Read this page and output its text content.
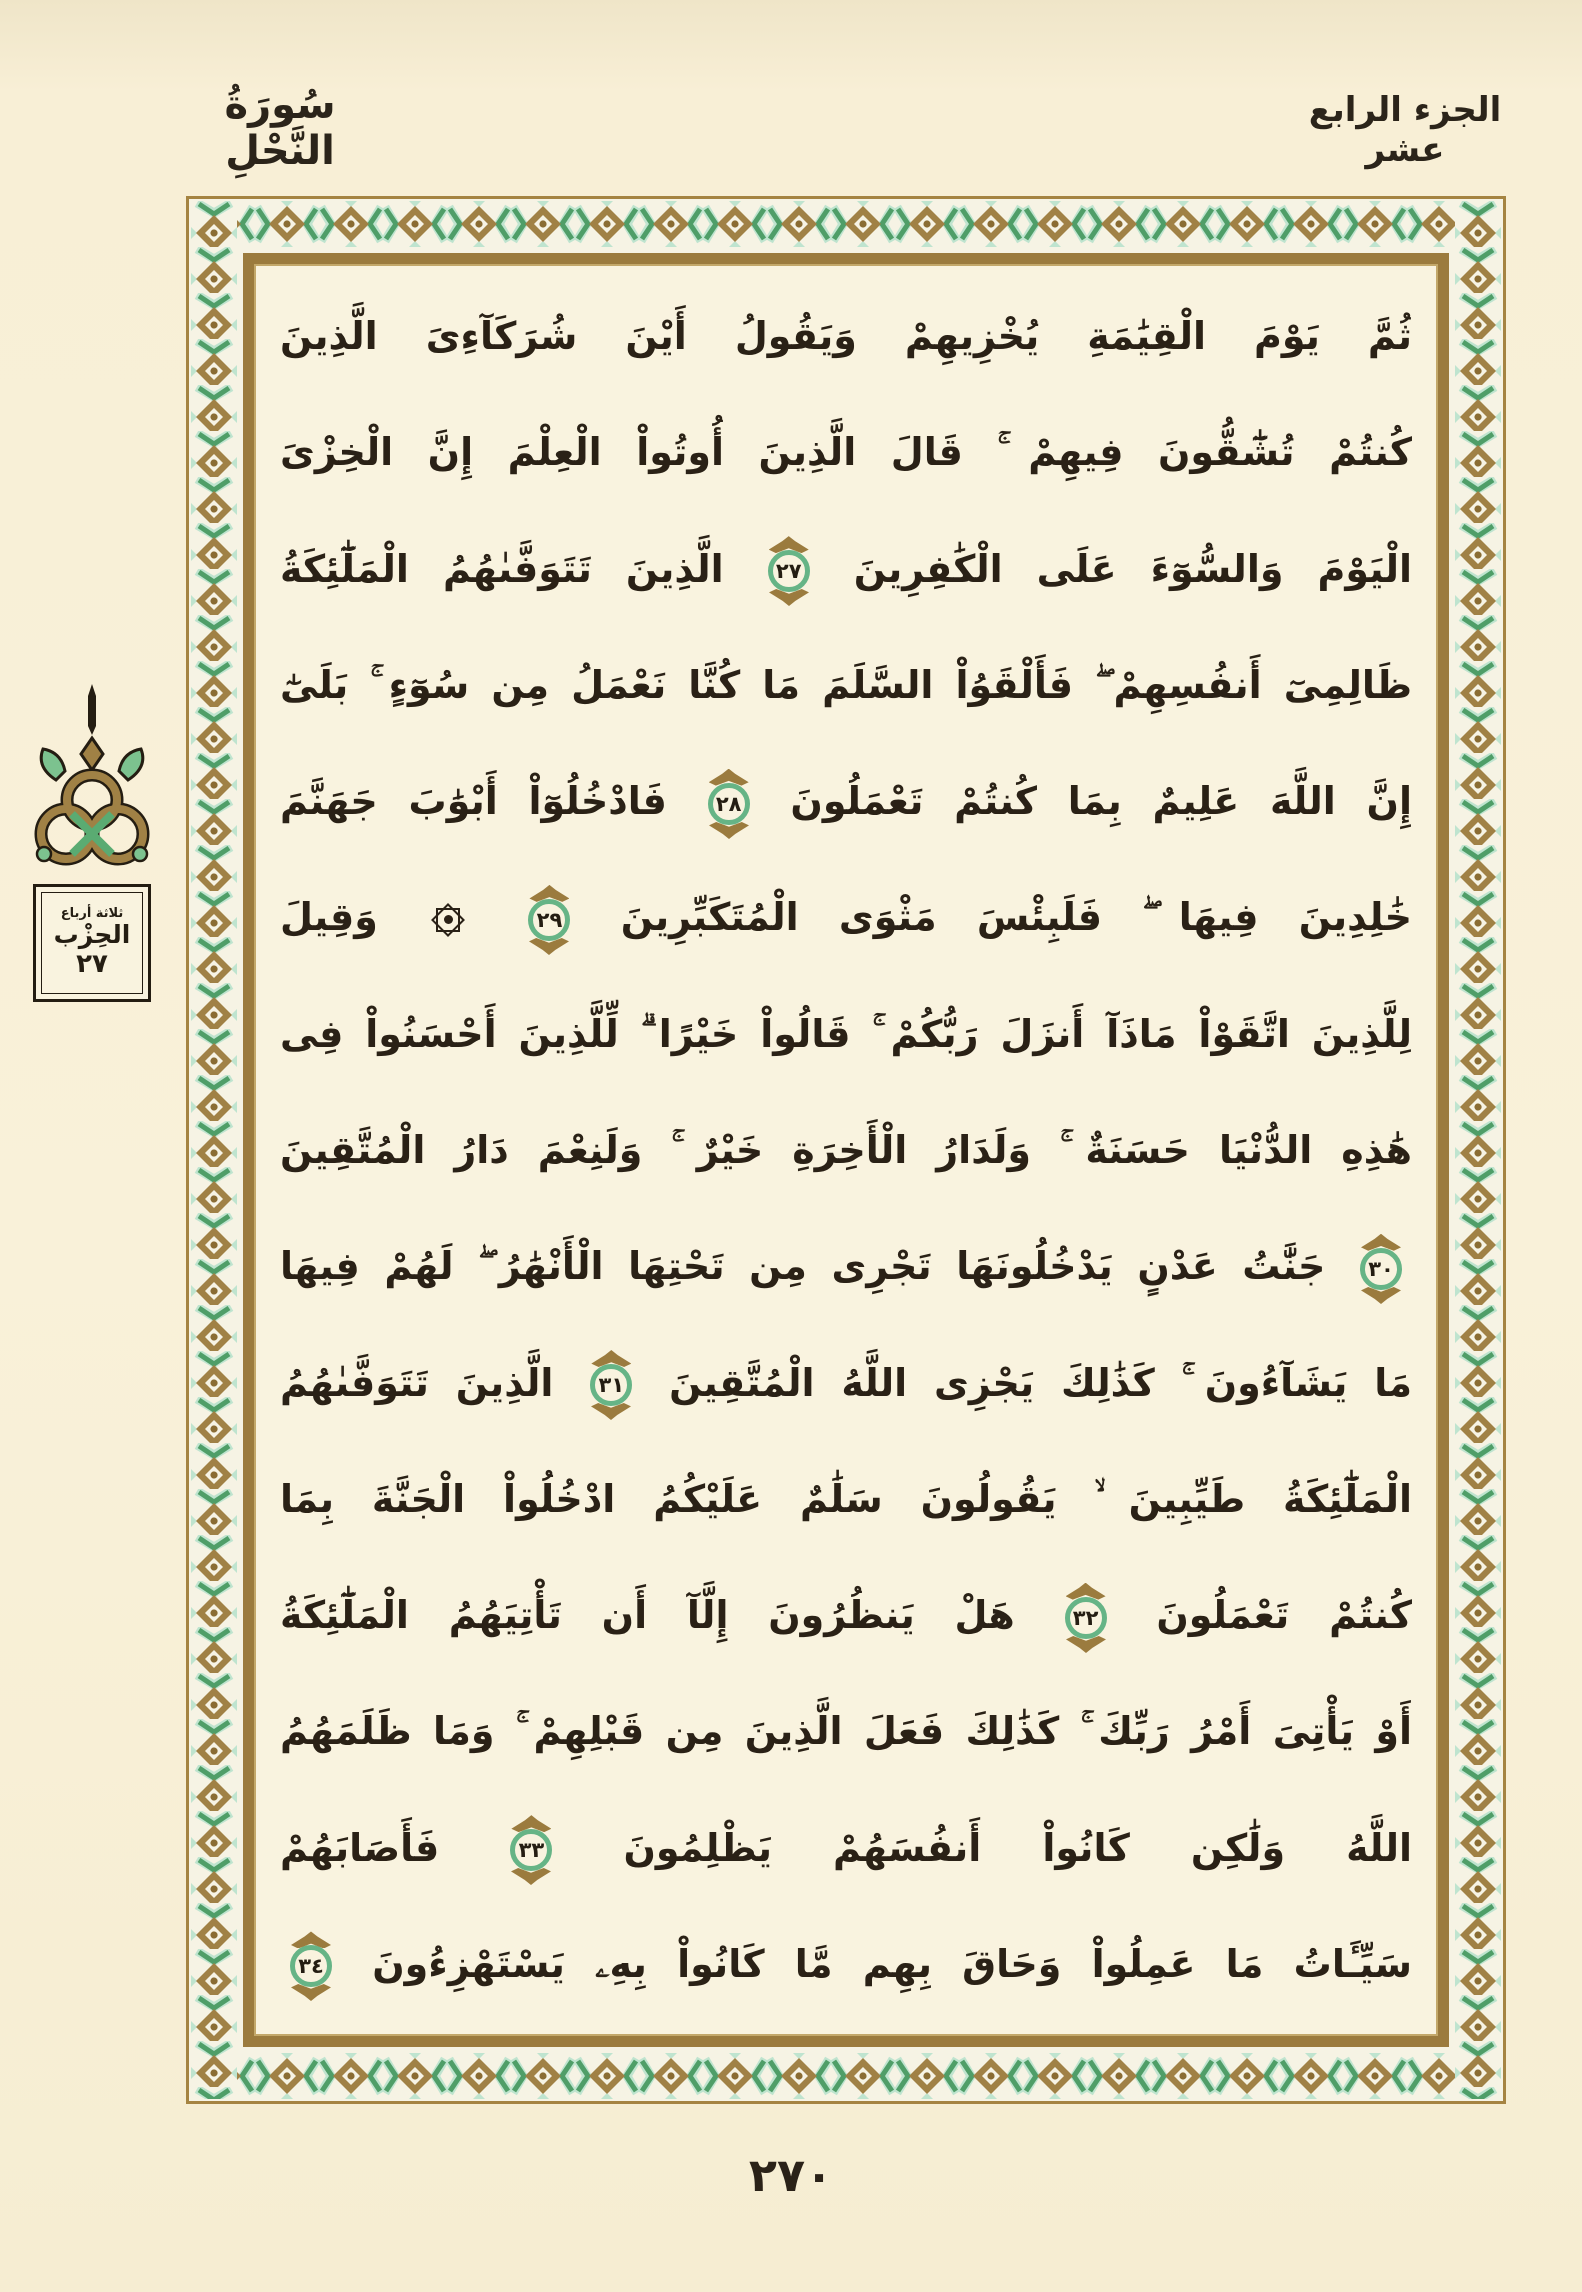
سُورَةُ النَّحْلِ
الجزء الرابع عشر
ثلاثة أرباع
الحِزْب
٢٧
ثُمَّ يَوْمَ الْقِيَٰمَةِ يُخْزِيهِمْ وَيَقُولُ أَيْنَ شُرَكَآءِىَ الَّذِينَ
كُنتُمْ تُشَٰٓقُّونَ فِيهِمْ ۚ قَالَ الَّذِينَ أُوتُواْ الْعِلْمَ إِنَّ الْخِزْىَ
الْيَوْمَ وَالسُّوٓءَ عَلَى الْكَٰفِرِينَ
٢٧
الَّذِينَ تَتَوَفَّىٰهُمُ الْمَلَٰٓئِكَةُ
ظَالِمِىٓ أَنفُسِهِمْ ۖ فَأَلْقَوُاْ السَّلَمَ مَا كُنَّا نَعْمَلُ مِن سُوٓءٍ ۚ بَلَىٰٓ
إِنَّ اللَّهَ عَلِيمٌ بِمَا كُنتُمْ تَعْمَلُونَ
٢٨
فَادْخُلُوٓاْ أَبْوَٰبَ جَهَنَّمَ
خَٰلِدِينَ فِيهَا ۖ فَلَبِئْسَ مَثْوَى الْمُتَكَبِّرِينَ
٢٩

وَقِيلَ
لِلَّذِينَ اتَّقَوْاْ مَاذَآ أَنزَلَ رَبُّكُمْ ۚ قَالُواْ خَيْرًا ۗ لِّلَّذِينَ أَحْسَنُواْ فِى
هَٰذِهِ الدُّنْيَا حَسَنَةٌ ۚ وَلَدَارُ الْأَخِرَةِ خَيْرٌ ۚ وَلَنِعْمَ دَارُ الْمُتَّقِينَ
٣٠
جَنَّٰتُ عَدْنٍ يَدْخُلُونَهَا تَجْرِى مِن تَحْتِهَا الْأَنْهَٰرُ ۖ لَهُمْ فِيهَا
مَا يَشَآءُونَ ۚ كَذَٰلِكَ يَجْزِى اللَّهُ الْمُتَّقِينَ
٣١
الَّذِينَ تَتَوَفَّىٰهُمُ
الْمَلَٰٓئِكَةُ طَيِّبِينَ ۙ يَقُولُونَ سَلَٰمٌ عَلَيْكُمُ ادْخُلُواْ الْجَنَّةَ بِمَا
كُنتُمْ تَعْمَلُونَ
٣٢
هَلْ يَنظُرُونَ إِلَّآ أَن تَأْتِيَهُمُ الْمَلَٰٓئِكَةُ
أَوْ يَأْتِىَ أَمْرُ رَبِّكَ ۚ كَذَٰلِكَ فَعَلَ الَّذِينَ مِن قَبْلِهِمْ ۚ وَمَا ظَلَمَهُمُ
اللَّهُ وَلَٰكِن كَانُواْ أَنفُسَهُمْ يَظْلِمُونَ
٣٣
فَأَصَابَهُمْ
سَيِّـَٔاتُ مَا عَمِلُواْ وَحَاقَ بِهِم مَّا كَانُواْ بِهِۦ يَسْتَهْزِءُونَ
٣٤
٢٧٠
